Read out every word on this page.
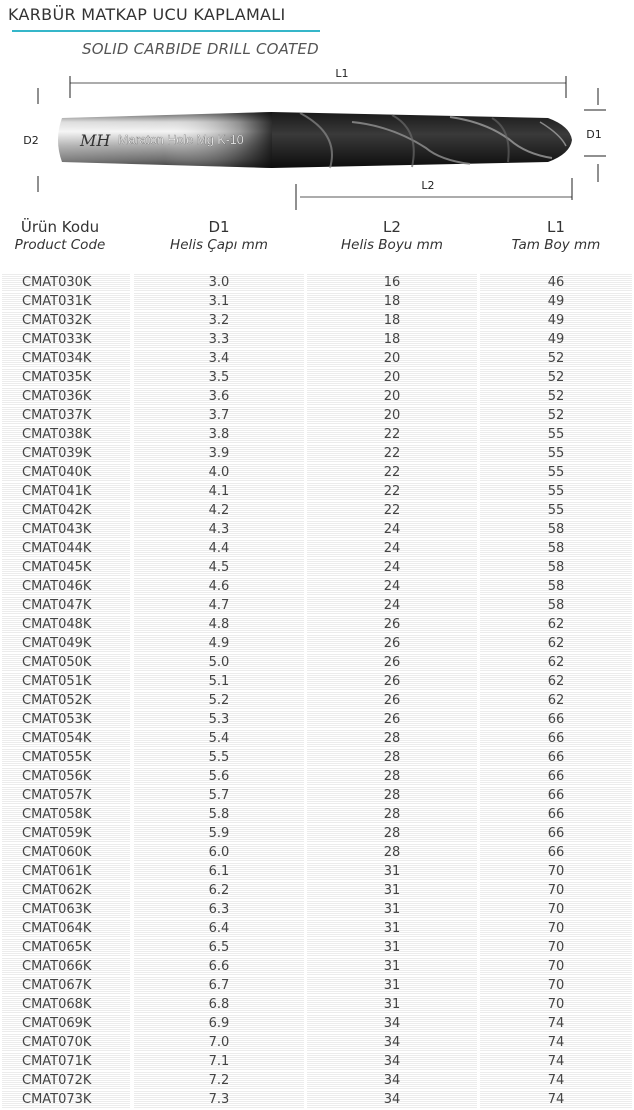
KARBÜR MATKAP UCU KAPLAMALI
SOLID CARBIDE DRILL COATED
L1
D2	D1
MH Maraton Hole Mg K-10
L2
Ürün Kodu
Product Code
D1
Helis Çapı mm
L2
Helis Boyu mm
L1
Tam Boy mm
CMAT030K	3.0	16	46
CMAT031K	3.1	18	49
CMAT032K	3.2	18	49
CMAT033K	3.3	18	49
CMAT034K	3.4	20	52
CMAT035K	3.5	20	52
CMAT036K	3.6	20	52
CMAT037K	3.7	20	52
CMAT038K	3.8	22	55
CMAT039K	3.9	22	55
CMAT040K	4.0	22	55
CMAT041K	4.1	22	55
CMAT042K	4.2	22	55
CMAT043K	4.3	24	58
CMAT044K	4.4	24	58
CMAT045K	4.5	24	58
CMAT046K	4.6	24	58
CMAT047K	4.7	24	58
CMAT048K	4.8	26	62
CMAT049K	4.9	26	62
CMAT050K	5.0	26	62
CMAT051K	5.1	26	62
CMAT052K	5.2	26	62
CMAT053K	5.3	26	66
CMAT054K	5.4	28	66
CMAT055K	5.5	28	66
CMAT056K	5.6	28	66
CMAT057K	5.7	28	66
CMAT058K	5.8	28	66
CMAT059K	5.9	28	66
CMAT060K	6.0	28	66
CMAT061K	6.1	31	70
CMAT062K	6.2	31	70
CMAT063K	6.3	31	70
CMAT064K	6.4	31	70
CMAT065K	6.5	31	70
CMAT066K	6.6	31	70
CMAT067K	6.7	31	70
CMAT068K	6.8	31	70
CMAT069K	6.9	34	74
CMAT070K	7.0	34	74
CMAT071K	7.1	34	74
CMAT072K	7.2	34	74
CMAT073K	7.3	34	74
